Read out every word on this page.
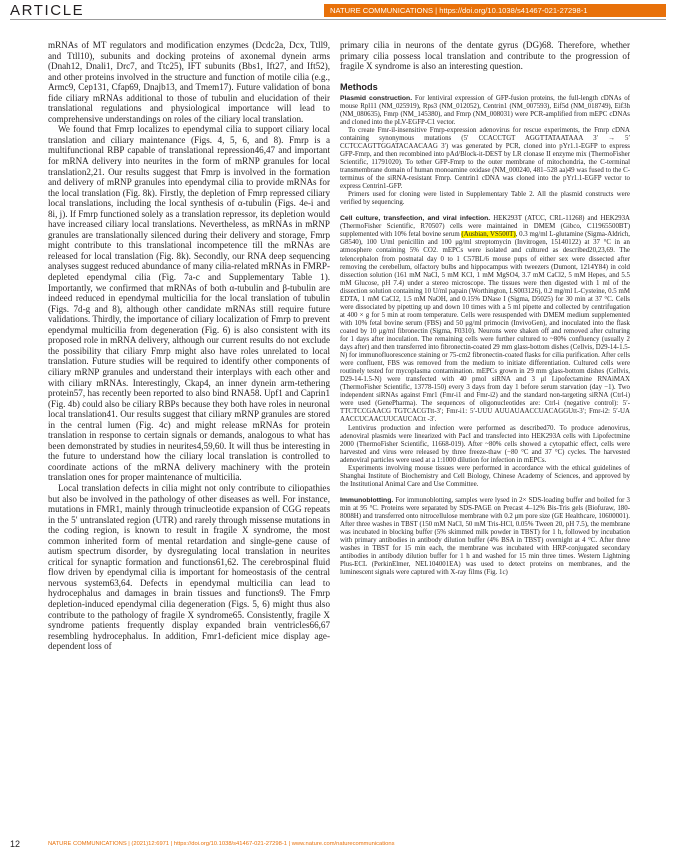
ARTICLE	NATURE COMMUNICATIONS | https://doi.org/10.1038/s41467-021-27298-1

mRNAs of MT regulators and modification enzymes (Dcdc2a, Dcx, Ttll9, and Ttll10), subunits and docking proteins of axonemal dynein arms (Dnah12, Dnali1, Drc7, and Ttc25), IFT subunits (Bbs1, Ift27, and Ift52), and other proteins involved in the structure and function of motile cilia (e.g., Armc9, Cep131, Cfap69, Dnajb13, and Tmem17). Future validation of bona fide ciliary mRNAs additional to those of tubulin and elucidation of their translational regulations and physiological importance will lead to comprehensive understandings on roles of the ciliary local translation.

We found that Fmrp localizes to ependymal cilia to support ciliary local translation and ciliary maintenance (Figs. 4, 5, 6, and 8). Fmrp is a multifunctional RBP capable of translational repression46,47 and important for mRNA delivery into neurites in the form of mRNP granules for local translation2,21. Our results suggest that Fmrp is involved in the formation and delivery of mRNP granules into ependymal cilia to provide mRNAs for the local translation (Fig. 8k). Firstly, the depletion of Fmrp repressed ciliary local translations, including the local synthesis of α-tubulin (Figs. 4e-i and 8i, j). If Fmrp functioned solely as a translation repressor, its depletion would have increased ciliary local translations. Nevertheless, as mRNAs in mRNP granules are translationally silenced during their delivery and storage, Fmrp might contribute to this translational incompetence till the mRNAs are released for local translation (Fig. 8k). Secondly, our RNA deep sequencing analyses suggest reduced abundance of many cilia-related mRNAs in FMRP-depleted ependymal cilia (Fig. 7a-c and Supplementary Table 1). Importantly, we confirmed that mRNAs of both α-tubulin and β-tubulin are indeed reduced in ependymal multicilia for the local translation of tubulin (Figs. 7d-g and 8), although other candidate mRNAs still require future validations. Thirdly, the importance of ciliary localization of Fmrp to prevent ependymal multicilia from degeneration (Fig. 6) is also consistent with its proposed role in mRNA delivery, although our current results do not exclude the possibility that ciliary Fmrp might also have roles unrelated to local translation. Future studies will be required to identify other components of ciliary mRNP granules and understand their interplays with each other and with ciliary mRNAs. Interestingly, Ckap4, an inner dynein arm-tethering protein57, has recently been reported to also bind RNA58. Upf1 and Caprin1 (Fig. 4b) could also be ciliary RBPs because they both have roles in neuronal local translation41. Our results suggest that ciliary mRNP granules are stored in the central lumen (Fig. 4c) and might release mRNAs for protein translation in response to certain signals or demands, analogous to what has been demonstrated by studies in neurites4,59,60. It will thus be interesting in the future to understand how the ciliary local translation is controlled to coordinate actions of the mRNA delivery machinery with the protein translation ones for proper maintenance of multicilia.

Local translation defects in cilia might not only contribute to ciliopathies but also be involved in the pathology of other diseases as well. For instance, mutations in FMR1, mainly through trinucleotide expansion of CGG repeats in the 5′ untranslated region (UTR) and rarely through missense mutations in the coding region, is known to result in fragile X syndrome, the most common inherited form of mental retardation and single-gene cause of autism spectrum disorder, by dysregulating local translation in neurites critical for synaptic formation and functions61,62. The cerebrospinal fluid flow driven by ependymal cilia is important for homeostasis of the central nervous system63,64. Defects in ependymal multicilia can lead to hydrocephalus and damages in brain tissues and functions9. The Fmrp depletion-induced ependymal cilia degeneration (Figs. 5, 6) might thus also contribute to the pathology of fragile X syndrome65. Consistently, fragile X syndrome patients frequently display expanded brain ventricles66,67 resembling hydrocephalus. In addition, Fmr1-deficient mice display age-dependent loss of

primary cilia in neurons of the dentate gyrus (DG)68. Therefore, whether primary cilia possess local translation and contribute to the progression of fragile X syndrome is also an interesting question.

Methods

Plasmid construction. For lentiviral expression of GFP-fusion proteins, the full-length cDNAs of mouse Rpl11 (NM_025919), Rps3 (NM_012052), Centrin1 (NM_007593), Eif5d (NM_018749), Eif3h (NM_080635), Fmrp (NM_145380), and Fmrp (NM_008031) were PCR-amplified from mEPC cDNAs and cloned into the pLV-EGFP-C1 vector.

To create Fmr-il-insensitive Fmrp-expression adenovirus for rescue experiments, the Fmrp cDNA containing synonymous mutations (5′ CCACCTGT AGGTTATAATAAA 3′ → 5′ CCTCCAGTTGGATACAACAAG 3′) was generated by PCR, cloned into pYr1.1-EGFP to express GFP-Fmrp, and then recombined into pAd/Block-it-DEST by LR clonase II enzyme mix (ThermoFisher Scientific, 11791020). To tether GFP-Fmrp to the outer membrane of mitochondria, the C-terminal transmembrane domain of human monoamine oxidase (NM_000240, 481–528 aa)49 was fused to the C-terminus of the siRNA-resistant Fmrp. Centrin1 cDNA was cloned into the pYr1.1-EGFP vector to express Centrin1-GFP.

Primers used for cloning were listed in Supplementary Table 2. All the plasmid constructs were verified by sequencing.

Cell culture, transfection, and viral infection. HEK293T (ATCC, CRL-11268) and HEK293A (ThermoFisher Scientific, R70507) cells were maintained in DMEM (Gibco, C11965500BT) supplemented with 10% fetal bovine serum (Ausbian, VS500T), 0.3 mg/ml L-glutamine (Sigma-Aldrich, G8540), 100 U/ml penicillin and 100 μg/ml streptomycin (Invitrogen, 15140122) at 37 °C in an atmosphere containing 5% CO2. mEPCs were isolated and cultured as described20,23,69. The telencephalon from postnatal day 0 to 1 C57BL/6 mouse pups of either sex were dissected after removing the cerebellum, olfactory bulbs and hippocampus with tweezers (Dumont, 1214Y84) in cold dissection solution (161 mM NaCl, 5 mM KCl, 1 mM MgSO4, 3.7 mM CaCl2, 5 mM Hepes, and 5.5 mM Glucose, pH 7.4) under a stereo microscope. The tissues were then digested with 1 ml of the dissection solution containing 10 U/ml papain (Worthington, LS003126), 0.2 mg/ml L-Cysteine, 0.5 mM EDTA, 1 mM CaCl2, 1.5 mM NaOH, and 0.15% DNase I (Sigma, D5025) for 30 min at 37 °C. Cells were dissociated by pipetting up and down 10 times with a 5 ml pipette and collected by centrifugation at 400 × g for 5 min at room temperature. Cells were resuspended with DMEM medium supplemented with 10% fetal bovine serum (FBS) and 50 μg/ml primocin (InvivoGen), and inoculated into the flask coated by 10 μg/ml fibronectin (Sigma, F0310). Neurons were shaken off and removed after culturing for 1 days after inoculation. The remaining cells were further cultured to ~80% confluency (usually 2 days after) and then transferred into fibronectin-coated 29 mm glass-bottom dishes (Cellvis, D29-14-1.5-N) for immunofluorescence staining or 75-cm2 fibronectin-coated flasks for cilia purification. After cells were confluent, FBS was removed from the medium to initiate differentiation. Cultured cells were routinely tested for mycoplasma contamination. mEPCs grown in 29 mm glass-bottom dishes (Cellvis, D29-14-1.5-N) were transfected with 40 pmol siRNA and 3 μl Lipofectamine RNAiMAX (ThermoFisher Scientific, 13778-150) every 3 days from day 1 before serum starvation (day −1). Two independent siRNAs against Fmr1 (Fmr-i1 and Fmr-i2) and the standard non-targeting siRNA (Ctrl-i) were used (GenePharma). The sequences of oligonucleotides are: Ctrl-i (negative control): 5′-TTCTCCGAACG TGTCACGTtt-3′; Fmr-i1: 5′-UUU AUUAUAACCUACAGGUtt-3′; Fmr-i2: 5′-UA AACCUCAACUUCAUCACtt -3′.

Lentivirus production and infection were performed as described70. To produce adenovirus, adenoviral plasmids were linearized with PacI and transfected into HEK293A cells with Lipofectmine 2000 (ThermoFisher Scientific, 11668-019). After ~80% cells showed a cytopathic effect, cells were harvested and virus were released by three freeze-thaw (−80 °C and 37 °C) cycles. The harvested adenoviral particles were used at a 1:1000 dilution for infection in mEPCs.

Experiments involving mouse tissues were performed in accordance with the ethical guidelines of Shanghai Institute of Biochemistry and Cell Biology, Chinese Academy of Sciences, and approved by the Institutional Animal Care and Use Committee.

Immunoblotting. For immunoblotting, samples were lysed in 2× SDS-loading buffer and boiled for 3 min at 95 °C. Proteins were separated by SDS-PAGE on Precast 4–12% Bis-Tris gels (Biofuraw, 180-8008H) and transferred onto nitrocellulose membrane with 0.2 μm pore size (GE Healthcare, 10600001). After three washes in TBST (150 mM NaCl, 50 mM Tris-HCl, 0.05% Tween 20, pH 7.5), the membrane was incubated in blocking buffer (5% skimmed milk powder in TBST) for 1 h, followed by incubation with primary antibodies in antibody dilution buffer (4% BSA in TBST) overnight at 4 °C. After three washes in TBST for 15 min each, the membrane was incubated with HRP-conjugated secondary antibodies in antibody dilution buffer for 1 h and washed for 15 min three times. Western Lightning Plus-ECL (PerkinElmer, NEL104001EA) was used to detect proteins on membranes, and the luminescent signals were captured with X-ray films (Fig. 1c)

12	NATURE COMMUNICATIONS | (2021)12:6971 | https://doi.org/10.1038/s41467-021-27298-1 | www.nature.com/naturecommunications
